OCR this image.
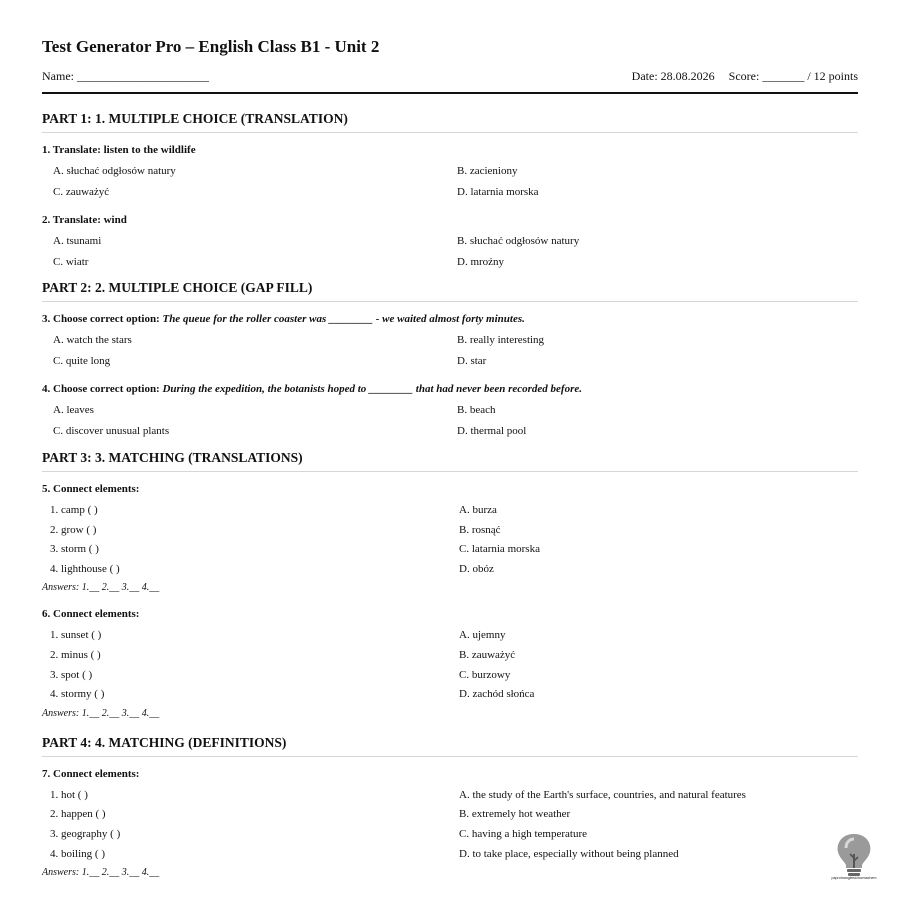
Test Generator Pro – English Class B1 - Unit 2
Name: ______________________	Date: 28.08.2026 Score: _______ / 12 points
PART 1: 1. MULTIPLE CHOICE (TRANSLATION)

1. Translate: listen to the wildlife

A. słuchać odgłosów natury	B. zacieniony
C. zauważyć	D. latarnia morska

2. Translate: wind

A. tsunami	B. słuchać odgłosów natury
C. wiatr	D. mroźny
PART 2: 2. MULTIPLE CHOICE (GAP FILL)

3. Choose correct option: The queue for the roller coaster was ________ - we waited almost forty minutes.

A. watch the stars	B. really interesting
C. quite long	D. star

4. Choose correct option: During the expedition, the botanists hoped to ________ that had never been recorded before.

A. leaves	B. beach
C. discover unusual plants	D. thermal pool
PART 3: 3. MATCHING (TRANSLATIONS)

5. Connect elements:

1. camp ( )	A. burza
2. grow ( )	B. rosnąć
3. storm ( )	C. latarnia morska
4. lighthouse ( )	D. obóz

Answers: 1.__ 2.__ 3.__ 4.__

6. Connect elements:

1. sunset ( )	A. ujemny
2. minus ( )	B. zauważyć
3. spot ( )	C. burzowy
4. stormy ( )	D. zachód słońca

Answers: 1.__ 2.__ 3.__ 4.__

PART 4: 4. MATCHING (DEFINITIONS)

7. Connect elements:

1. hot ( )	A. the study of the Earth's surface, countries, and natural features
2. happen ( )	B. extremely hot weather
3. geography ( )	C. having a high temperature
4. boiling ( )	D. to take place, especially without being planned

Answers: 1.__ 2.__ 3.__ 4.__	paprotnangielskirozmachem
